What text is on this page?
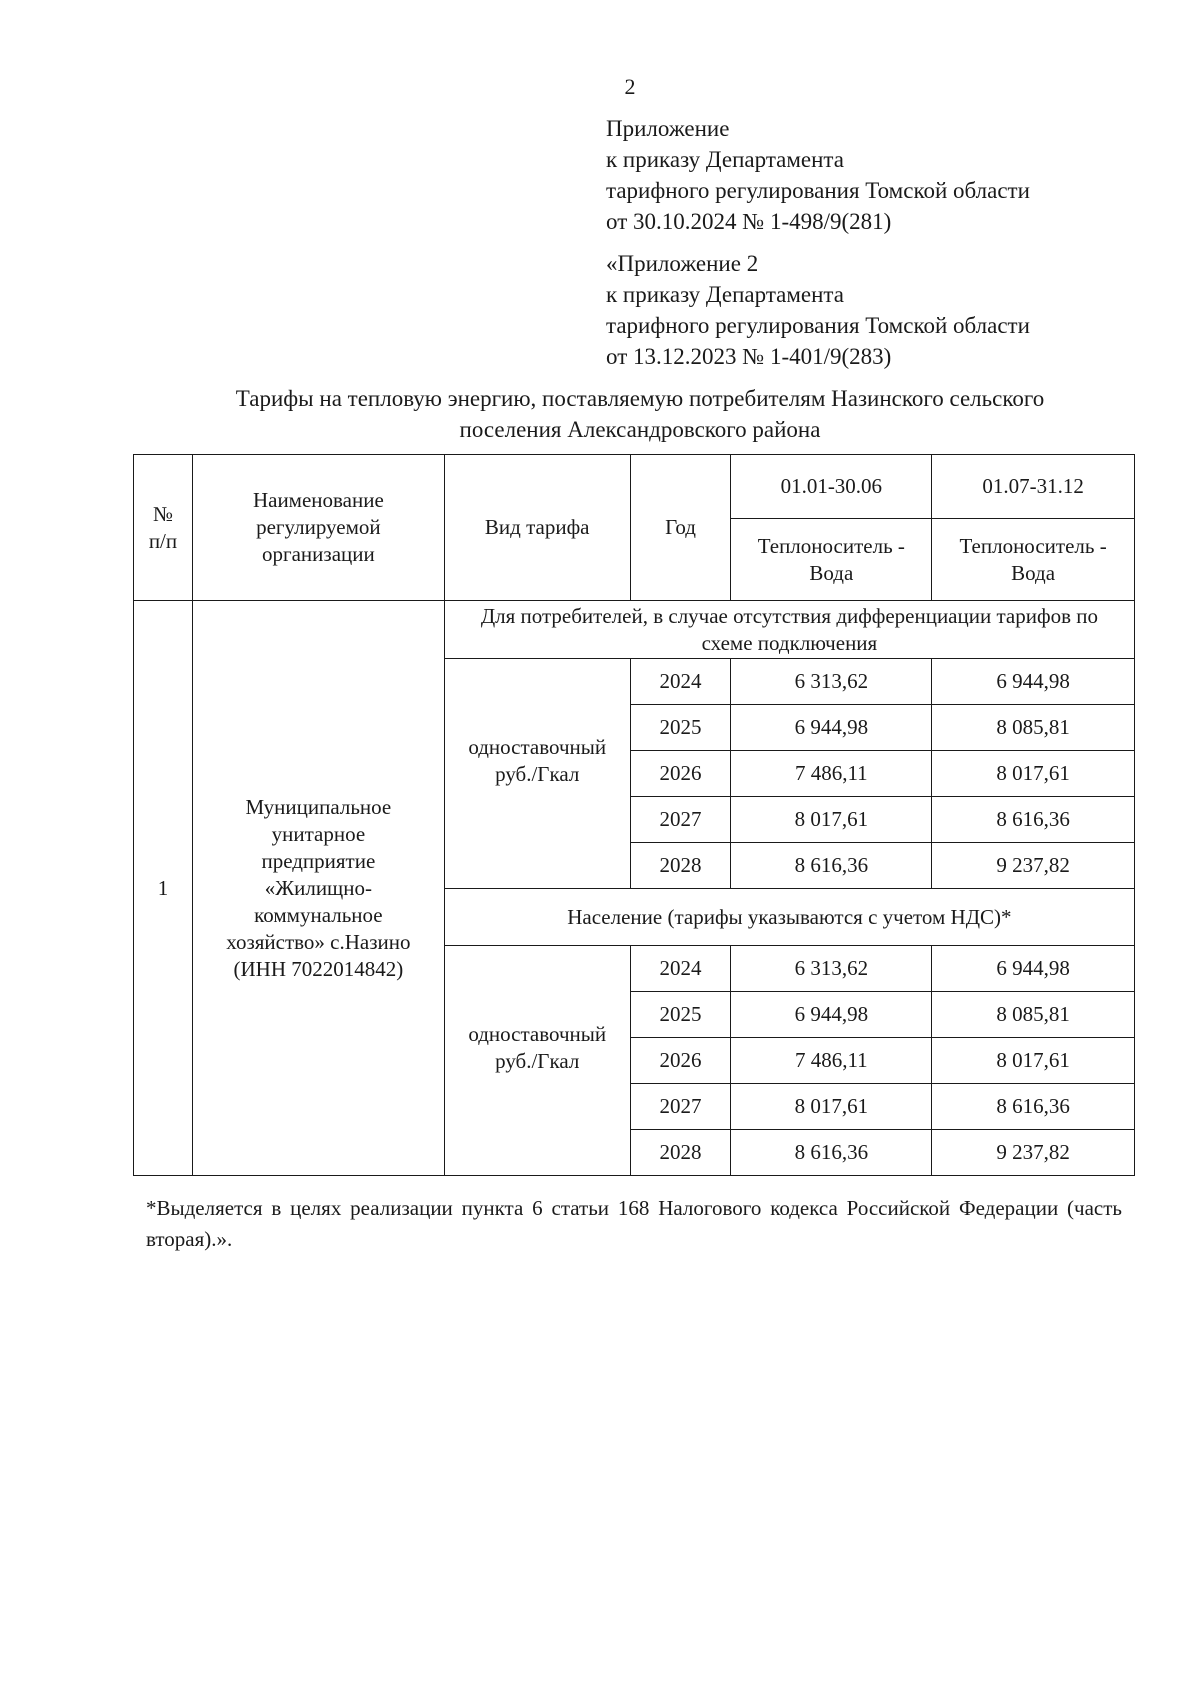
2
Приложение
к приказу Департамента
тарифного регулирования Томской области
от 30.10.2024 № 1-498/9(281)
«Приложение 2
к приказу Департамента
тарифного регулирования Томской области
от 13.12.2023 № 1-401/9(283)
Тарифы на тепловую энергию, поставляемую потребителям Назинского сельского
поселения Александровского района
№ п/п	Наименование регулируемой организации	Вид тарифа	Год	01.01-30.06	01.07-31.12
				Теплоноситель - Вода	Теплоноситель - Вода
1	Муниципальное унитарное предприятие «Жилищно-коммунальное хозяйство» с.Назино (ИНН 7022014842)	Для потребителей, в случае отсутствия дифференциации тарифов по схеме подключения			
		одноставочный руб./Гкал	2024	6 313,62	6 944,98
			2025	6 944,98	8 085,81
			2026	7 486,11	8 017,61
			2027	8 017,61	8 616,36
			2028	8 616,36	9 237,82
		Население (тарифы указываются с учетом НДС)*			
		одноставочный руб./Гкал	2024	6 313,62	6 944,98
			2025	6 944,98	8 085,81
			2026	7 486,11	8 017,61
			2027	8 017,61	8 616,36
			2028	8 616,36	9 237,82
*Выделяется в целях реализации пункта 6 статьи 168 Налогового кодекса Российской Федерации (часть вторая).».
